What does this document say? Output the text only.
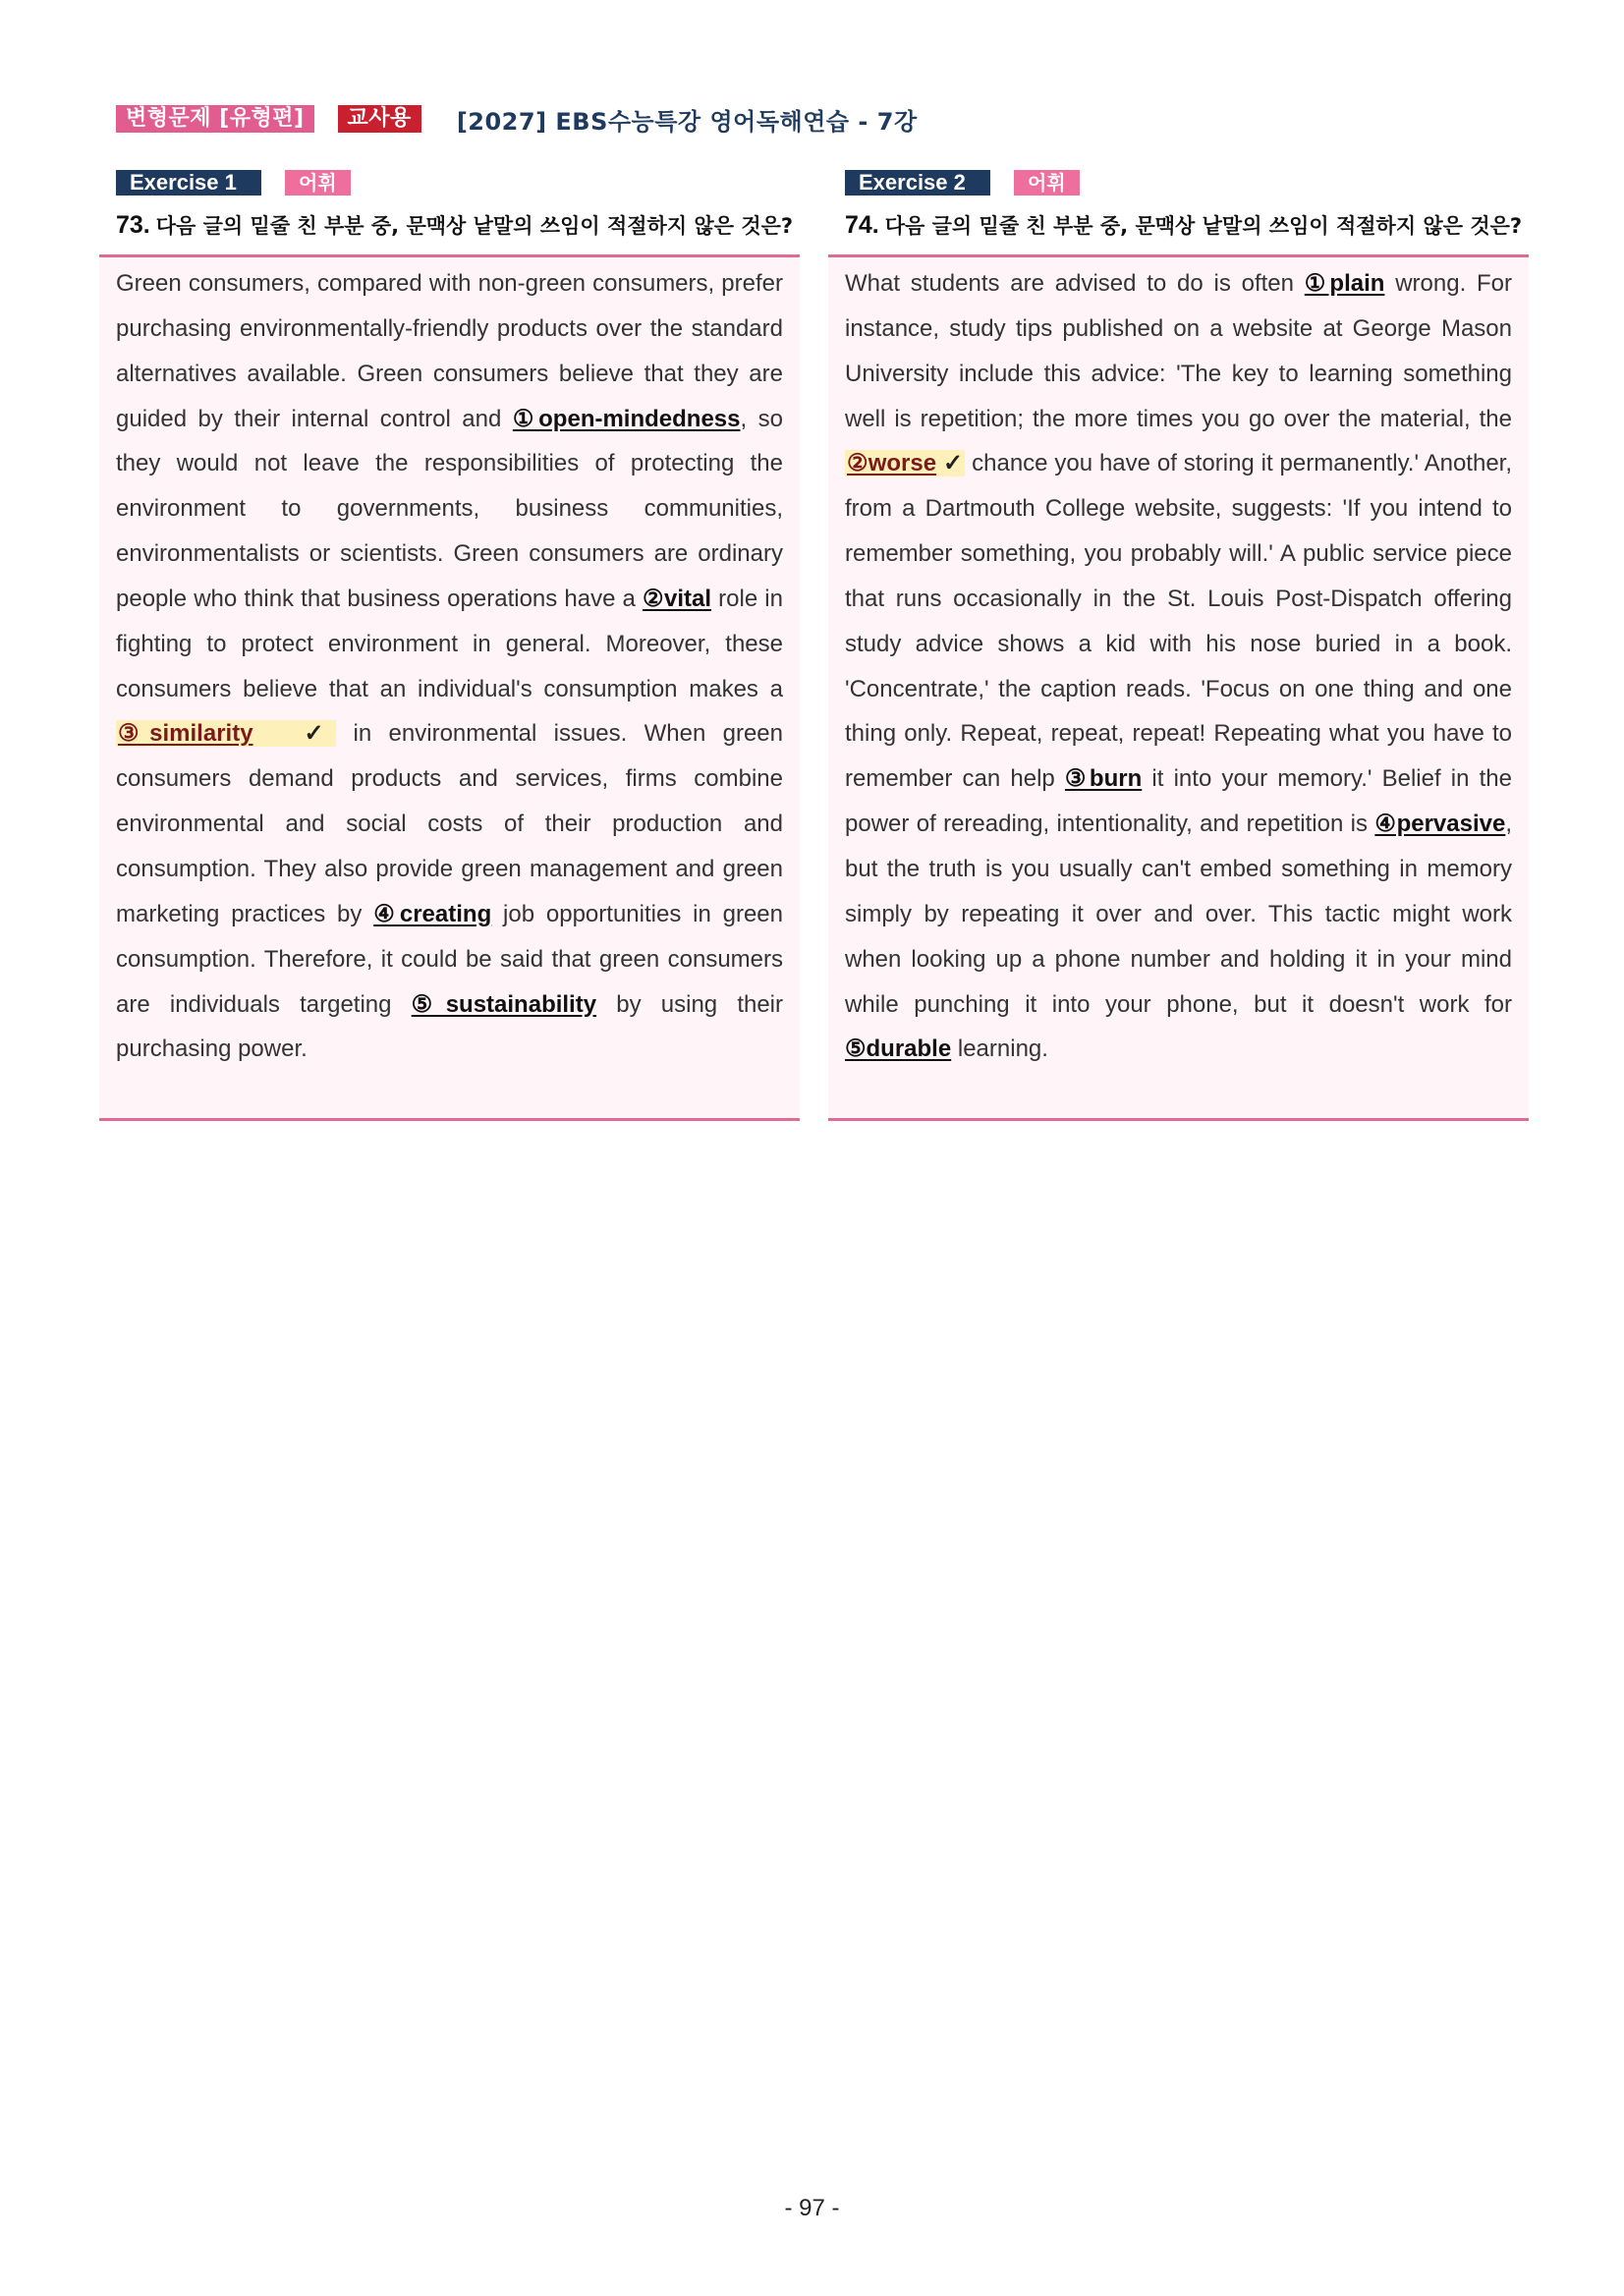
변형문제 [유형편]	교사용	[2027] EBS수능특강 영어독해연습 - 7강
Exercise 1	어휘
73. 다음 글의 밑줄 친 부분 중, 문맥상 낱말의 쓰임이 적절하지 않은 것은?
Green consumers, compared with non-green consumers, prefer purchasing environmentally-friendly products over the standard alternatives available. Green consumers believe that they are guided by their internal control and ①open-mindedness, so they would not leave the responsibilities of protecting the environment to governments, business communities, environmentalists or scientists. Green consumers are ordinary people who think that business operations have a ②vital role in fighting to protect environment in general. Moreover, these consumers believe that an individual's consumption makes a ③similarity ✓ in environmental issues. When green consumers demand products and services, firms combine environmental and social costs of their production and consumption. They also provide green management and green marketing practices by ④creating job opportunities in green consumption. Therefore, it could be said that green consumers are individuals targeting ⑤sustainability by using their purchasing power.
Exercise 2	어휘
74. 다음 글의 밑줄 친 부분 중, 문맥상 낱말의 쓰임이 적절하지 않은 것은?
What students are advised to do is often ①plain wrong. For instance, study tips published on a website at George Mason University include this advice: 'The key to learning something well is repetition; the more times you go over the material, the ②worse ✓ chance you have of storing it permanently.' Another, from a Dartmouth College website, suggests: 'If you intend to remember something, you probably will.' A public service piece that runs occasionally in the St. Louis Post-Dispatch offering study advice shows a kid with his nose buried in a book. 'Concentrate,' the caption reads. 'Focus on one thing and one thing only. Repeat, repeat, repeat! Repeating what you have to remember can help ③burn it into your memory.' Belief in the power of rereading, intentionality, and repetition is ④pervasive, but the truth is you usually can't embed something in memory simply by repeating it over and over. This tactic might work when looking up a phone number and holding it in your mind while punching it into your phone, but it doesn't work for ⑤durable learning.
- 97 -
